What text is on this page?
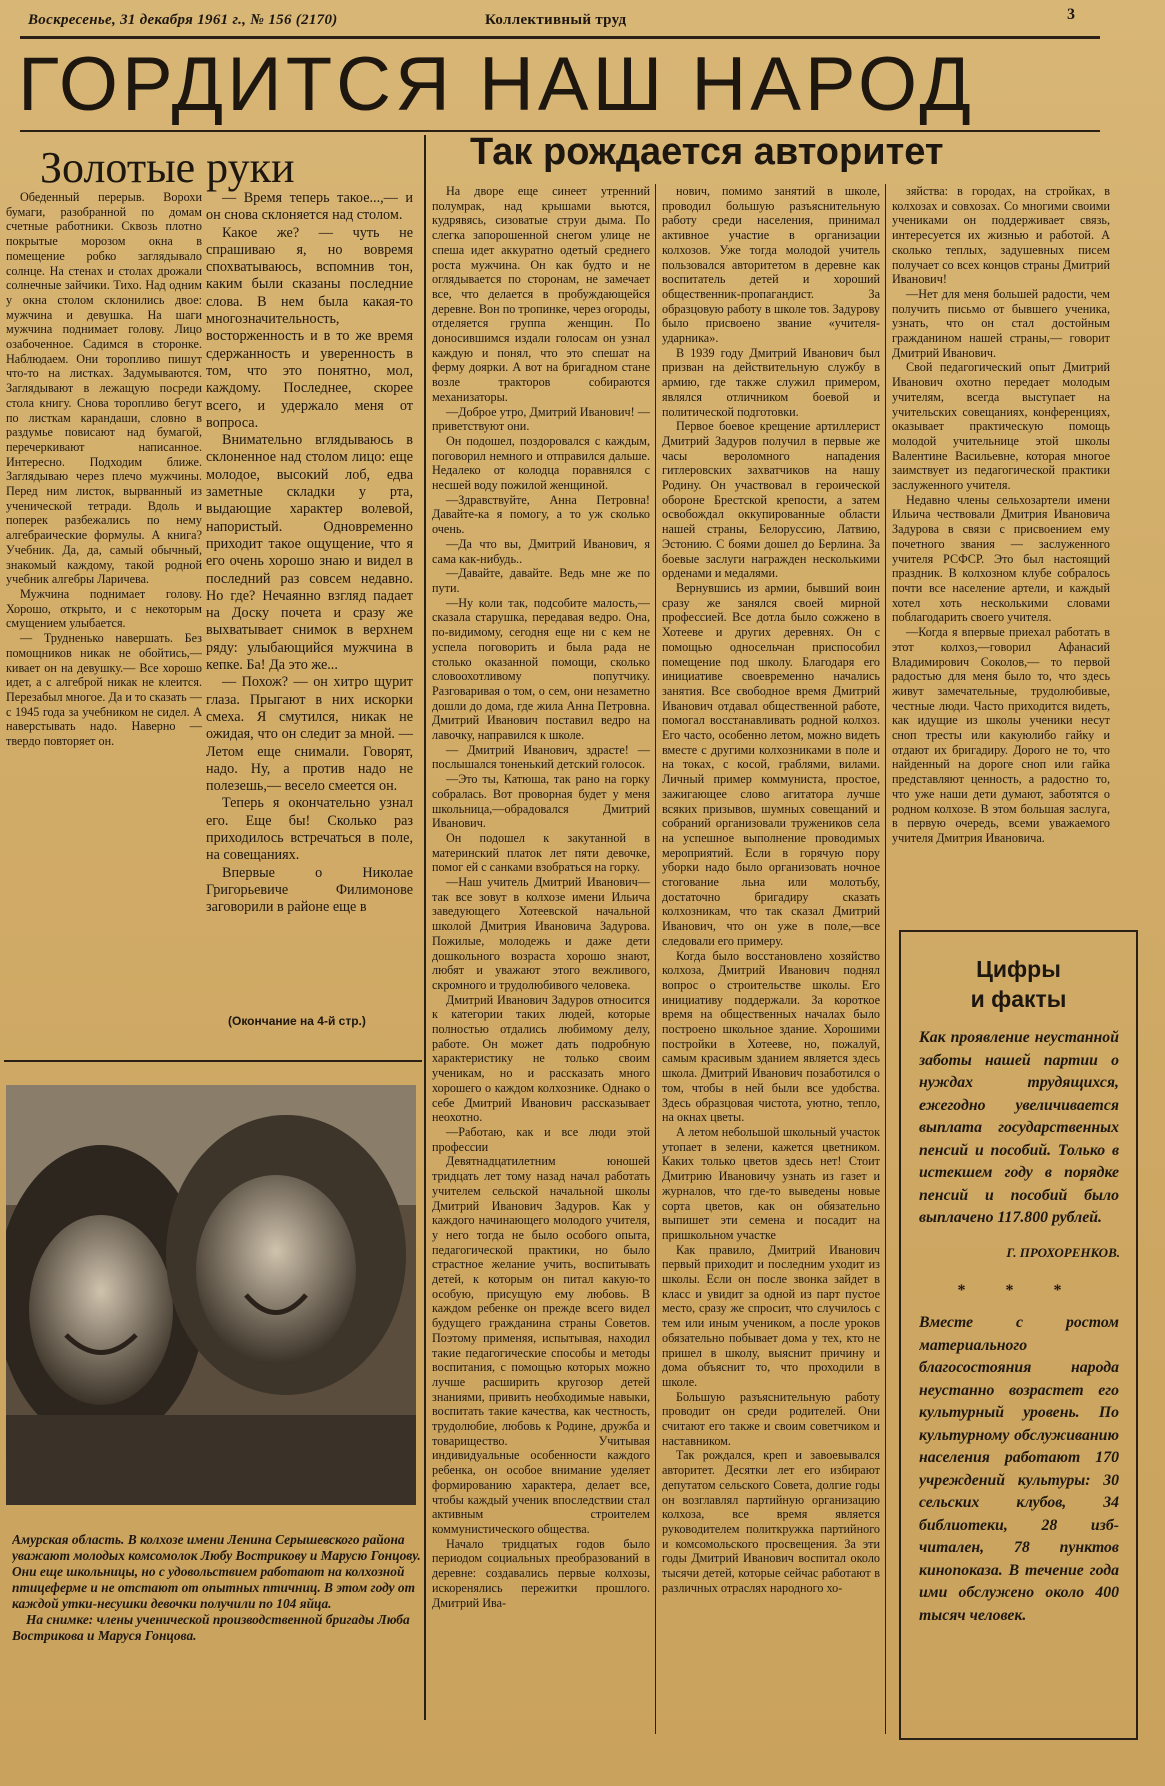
Воскресенье, 31 декабря 1961 г., № 156 (2170)	Коллективный труд	3
ГОРДИТСЯ НАШ НАРОД
Золотые руки

Обеденный перерыв. Ворохи бумаги, разобранной по домам счетные работники. Сквозь плотно покрытые морозом окна в помещение робко заглядывало солнце. На стенах и столах дрожали солнечные зайчики. Тихо. Над одним у окна столом склонились двое: мужчина и девушка. На шаги мужчина поднимает голову. Лицо озабоченное. Садимся в сторонке. Наблюдаем. Они торопливо пишут что-то на листках. Задумываются. Заглядывают в лежащую посреди стола книгу. Снова торопливо бегут по листкам карандаши, словно в раздумье повисают над бумагой, перечеркивают написанное. Интересно. Подходим ближе. Заглядываю через плечо мужчины. Перед ним листок, вырванный из ученической тетради. Вдоль и поперек разбежались по нему алгебраические формулы. А книга? Учебник. Да, да, самый обычный, знакомый каждому, такой родной учебник алгебры Ларичева.

Мужчина поднимает голову. Хорошо, открыто, и с некоторым смущением улыбается.

— Трудненько навершать. Без помощников никак не обойтись,— кивает он на девушку.— Все хорошо идет, а с алгеброй никак не клеится. Перезабыл многое. Да и то сказать — с 1945 года за учебником не сидел. А наверстывать надо. Наверно — твердо повторяет он.

— Время теперь такое...,— и он снова склоняется над столом.

Какое же? — чуть не спрашиваю я, но вовремя спохватываюсь, вспомнив тон, каким были сказаны последние слова. В нем была какая-то многозначительность, восторженность и в то же время сдержанность и уверенность в том, что это понятно, мол, каждому. Последнее, скорее всего, и удержало меня от вопроса.

Внимательно вглядываюсь в склоненное над столом лицо: еще молодое, высокий лоб, едва заметные складки у рта, выдающие характер волевой, напористый. Одновременно приходит такое ощущение, что я его очень хорошо знаю и видел в последний раз совсем недавно. Но где? Нечаянно взгляд падает на Доску почета и сразу же выхватывает снимок в верхнем ряду: улыбающийся мужчина в кепке. Ба! Да это же...

— Похож? — он хитро щурит глаза. Прыгают в них искорки смеха. Я смутился, никак не ожидая, что он следит за мной. — Летом еще снимали. Говорят, надо. Ну, а против надо не полезешь,— весело смеется он.

Теперь я окончательно узнал его. Еще бы! Сколько раз приходилось встречаться в поле, на совещаниях.

Впервые о Николае Григорьевиче Филимонове заговорили в районе еще в

(Окончание на 4-й стр.)

Амурская область. В колхозе имени Ленина Серышевского района уважают молодых комсомолок Любу Вострикову и Марусю Гонцову. Они еще школьницы, но с удовольствием работают на колхозной птицеферме и не отстают от опытных птичниц. В этом году от каждой утки-несушки девочки получили по 104 яйца.

На снимке: члены ученической производственной бригады Люба Вострикова и Маруся Гонцова.

Так рождается авторитет

На дворе еще синеет утренний полумрак, над крышами вьются, кудрявясь, сизоватые струи дыма. По слегка запорошенной снегом улице не спеша идет аккуратно одетый среднего роста мужчина. Он как будто и не оглядывается по сторонам, не замечает все, что делается в пробуждающейся деревне. Вон по тропинке, через огороды, отделяется группа женщин. По доносившимся издали голосам он узнал каждую и понял, что это спешат на ферму доярки. А вот на бригадном стане возле тракторов собираются механизаторы.

—Доброе утро, Дмитрий Иванович! — приветствуют они.

Он подошел, поздоровался с каждым, поговорил немного и отправился дальше. Недалеко от колодца поравнялся с несшей воду пожилой женщиной.

—Здравствуйте, Анна Петровна! Давайте-ка я помогу, а то уж сколько очень.

—Да что вы, Дмитрий Иванович, я сама как-нибудь..

—Давайте, давайте. Ведь мне же по пути.

—Ну коли так, подсобите малость,— сказала старушка, передавая ведро. Она, по-видимому, сегодня еще ни с кем не успела поговорить и была рада не столько оказанной помощи, сколько словоохотливому попутчику. Разговаривая о том, о сем, они незаметно дошли до дома, где жила Анна Петровна. Дмитрий Иванович поставил ведро на лавочку, направился к школе.

— Дмитрий Иванович, здрасте! —послышался тоненький детский голосок.

—Это ты, Катюша, так рано на горку собралась. Вот проворная будет у меня школьница,—обрадовался Дмитрий Иванович.

Он подошел к закутанной в материнский платок лет пяти девочке, помог ей с санками взобраться на горку.

—Наш учитель Дмитрий Иванович—так все зовут в колхозе имени Ильича заведующего Хотеевской начальной школой Дмитрия Ивановича Задурова. Пожилые, молодежь и даже дети дошкольного возраста хорошо знают, любят и уважают этого вежливого, скромного и трудолюбивого человека.

Дмитрий Иванович Задуров относится к категории таких людей, которые полностью отдались любимому делу, работе. Он может дать подробную характеристику не только своим ученикам, но и рассказать много хорошего о каждом колхознике. Однако о себе Дмитрий Иванович рассказывает неохотно.

—Работаю, как и все люди этой профессии

Девятнадцатилетним юношей тридцать лет тому назад начал работать учителем сельской начальной школы Дмитрий Иванович Задуров. Как у каждого начинающего молодого учителя, у него тогда не было особого опыта, педагогической практики, но было страстное желание учить, воспитывать детей, к которым он питал какую-то особую, присущую ему любовь. В каждом ребенке он прежде всего видел будущего гражданина страны Советов. Поэтому применяя, испытывая, находил такие педагогические способы и методы воспитания, с помощью которых можно лучше расширить кругозор детей знаниями, привить необходимые навыки, воспитать такие качества, как честность, трудолюбие, любовь к Родине, дружба и товарищество. Учитывая индивидуальные особенности каждого ребенка, он особое внимание уделяет формированию характера, делает все, чтобы каждый ученик впоследствии стал активным строителем коммунистического общества.

Начало тридцатых годов было периодом социальных преобразований в деревне: создавались первые колхозы, искоренялись пережитки прошлого. Дмитрий Ива-

нович, помимо занятий в школе, проводил большую разъяснительную работу среди населения, принимал активное участие в организации колхозов. Уже тогда молодой учитель пользовался авторитетом в деревне как воспитатель детей и хороший общественник-пропагандист. За образцовую работу в школе тов. Задурову было присвоено звание «учителя-ударника».

В 1939 году Дмитрий Иванович был призван на действительную службу в армию, где также служил примером, являлся отличником боевой и политической подготовки.

Первое боевое крещение артиллерист Дмитрий Задуров получил в первые же часы вероломного нападения гитлеровских захватчиков на нашу Родину. Он участвовал в героической обороне Брестской крепости, а затем освобождал оккупированные области нашей страны, Белоруссию, Латвию, Эстонию. С боями дошел до Берлина. За боевые заслуги награжден несколькими орденами и медалями.

Вернувшись из армии, бывший воин сразу же занялся своей мирной профессией. Все дотла было сожжено в Хотееве и других деревнях. Он с помощью односельчан приспособил помещение под школу. Благодаря его инициативе своевременно начались занятия. Все свободное время Дмитрий Иванович отдавал общественной работе, помогал восстанавливать родной колхоз. Его часто, особенно летом, можно видеть вместе с другими колхозниками в поле и на токах, с косой, граблями, вилами. Личный пример коммуниста, простое, зажигающее слово агитатора лучше всяких призывов, шумных совещаний и собраний организовали тружеников села на успешное выполнение проводимых мероприятий. Если в горячую пору уборки надо было организовать ночное стогование льна или молотьбу, достаточно бригадиру сказать колхозникам, что так сказал Дмитрий Иванович, что он уже в поле,—все следовали его примеру.

Когда было восстановлено хозяйство колхоза, Дмитрий Иванович поднял вопрос о строительстве школы. Его инициативу поддержали. За короткое время на общественных началах было построено школьное здание. Хорошими постройки в Хотееве, но, пожалуй, самым красивым зданием является здесь школа. Дмитрий Иванович позаботился о том, чтобы в ней были все удобства. Здесь образцовая чистота, уютно, тепло, на окнах цветы.

А летом небольшой школьный участок утопает в зелени, кажется цветником. Каких только цветов здесь нет! Стоит Дмитрию Ивановичу узнать из газет и журналов, что где-то выведены новые сорта цветов, как он обязательно выпишет эти семена и посадит на пришкольном участке

Как правило, Дмитрий Иванович первый приходит и последним уходит из школы. Если он после звонка зайдет в класс и увидит за одной из парт пустое место, сразу же спросит, что случилось с тем или иным учеником, а после уроков обязательно побывает дома у тех, кто не пришел в школу, выяснит причину и дома объяснит то, что проходили в школе.

Большую разъяснительную работу проводит он среди родителей. Они считают его также и своим советчиком и наставником.

Так рождался, креп и завоевывался авторитет. Десятки лет его избирают депутатом сельского Совета, долгие годы он возглавлял партийную организацию колхоза, все время является руководителем политкружка партийного и комсомольского просвещения. За эти годы Дмитрий Иванович воспитал около тысячи детей, которые сейчас работают в различных отраслях народного хо-

зяйства: в городах, на стройках, в колхозах и совхозах. Со многими своими учениками он поддерживает связь, интересуется их жизнью и работой. А сколько теплых, задушевных писем получает со всех концов страны Дмитрий Иванович!

—Нет для меня большей радости, чем получить письмо от бывшего ученика, узнать, что он стал достойным гражданином нашей страны,— говорит Дмитрий Иванович.

Свой педагогический опыт Дмитрий Иванович охотно передает молодым учителям, всегда выступает на учительских совещаниях, конференциях, оказывает практическую помощь молодой учительнице этой школы Валентине Васильевне, которая многое заимствует из педагогической практики заслуженного учителя.

Недавно члены сельхозартели имени Ильича чествовали Дмитрия Ивановича Задурова в связи с присвоением ему почетного звания — заслуженного учителя РСФСР. Это был настоящий праздник. В колхозном клубе собралось почти все население артели, и каждый хотел хоть несколькими словами поблагодарить своего учителя.

—Когда я впервые приехал работать в этот колхоз,—говорил Афанасий Владимирович Соколов,— то первой радостью для меня было то, что здесь живут замечательные, трудолюбивые, честные люди. Часто приходится видеть, как идущие из школы ученики несут сноп тресты или какуюлибо гайку и отдают их бригадиру. Дорого не то, что найденный на дороге сноп или гайка представляют ценность, а радостно то, что уже наши дети думают, заботятся о родном колхозе. В этом большая заслуга, в первую очередь, всеми уважаемого учителя Дмитрия Ивановича.

Г. ПРОХОРЕНКОВ.
Цифры
и факты
Как проявление неустанной заботы нашей партии о нуждах трудящихся, ежегодно увеличивается выплата государственных пенсий и пособий. Только в истекшем году в порядке пенсий и пособий было выплачено 117.800 рублей.
* * *
Вместе с ростом материального благосостояния народа неустанно возрастет его культурный уровень. По культурному обслуживанию населения работают 170 учреждений культуры: 30 сельских клубов, 34 библиотеки, 28 изб-читален, 78 пунктов кинопоказа. В течение года ими обслужено около 400 тысяч человек.
